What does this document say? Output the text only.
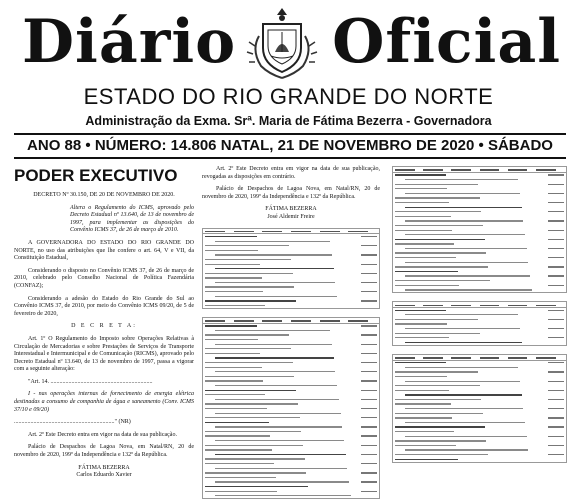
Diário Oficial
ESTADO DO RIO GRANDE DO NORTE
Administração da Exma. Srª. Maria de Fátima Bezerra - Governadora
ANO 88 • NÚMERO: 14.806 NATAL, 21 DE NOVEMBRO DE 2020 • SÁBADO
PODER EXECUTIVO

DECRETO Nº 30.150, DE 20 DE NOVEMBRO DE 2020.

Altera o Regulamento do ICMS, aprovado pelo Decreto Estadual nº 13.640, de 13 de novembro de 1997, para implementar as disposições do Convênio ICMS 37, de 26 de março de 2010.

A GOVERNADORA DO ESTADO DO RIO GRANDE DO NORTE, no uso das atribuições que lhe confere o art. 64, V e VII, da Constituição Estadual,

Considerando o disposto no Convênio ICMS 37, de 26 de março de 2010, celebrado pelo Conselho Nacional de Política Fazendária (CONFAZ);

Considerando a adesão do Estado do Rio Grande do Sul ao Convênio ICMS 37, de 2010, por meio do Convênio ICMS 09/20, de 5 de fevereiro de 2020,

D E C R E T A:

Art. 1º O Regulamento do Imposto sobre Operações Relativas à Circulação de Mercadorias e sobre Prestações de Serviços de Transporte Interestadual e Intermunicipal e de Comunicação (RICMS), aprovado pelo Decreto Estadual nº 13.640, de 13 de novembro de 1997, passa a vigorar com a seguinte alteração:

"Art. 14. ....................................................................

I - nas operações internas de fornecimento de energia elétrica destinadas a consumo de companhia de água e saneamento (Conv. ICMS 37/10 e 09/20)

..................................................................." (NR)

Art. 2º Este Decreto entra em vigor na data de sua publicação.

Palácio de Despachos de Lagoa Nova, em Natal/RN, 20 de novembro de 2020, 199º da Independência e 132º da República.

FÁTIMA BEZERRA

Carlos Eduardo Xavier

Art. 2º Este Decreto entra em vigor na data de sua publicação, revogadas as disposições em contrário.

Palácio de Despachos de Lagoa Nova, em Natal/RN, 20 de novembro de 2020, 199º da Independência e 132º da República.

FÁTIMA BEZERRA

José Aldemir Freire
